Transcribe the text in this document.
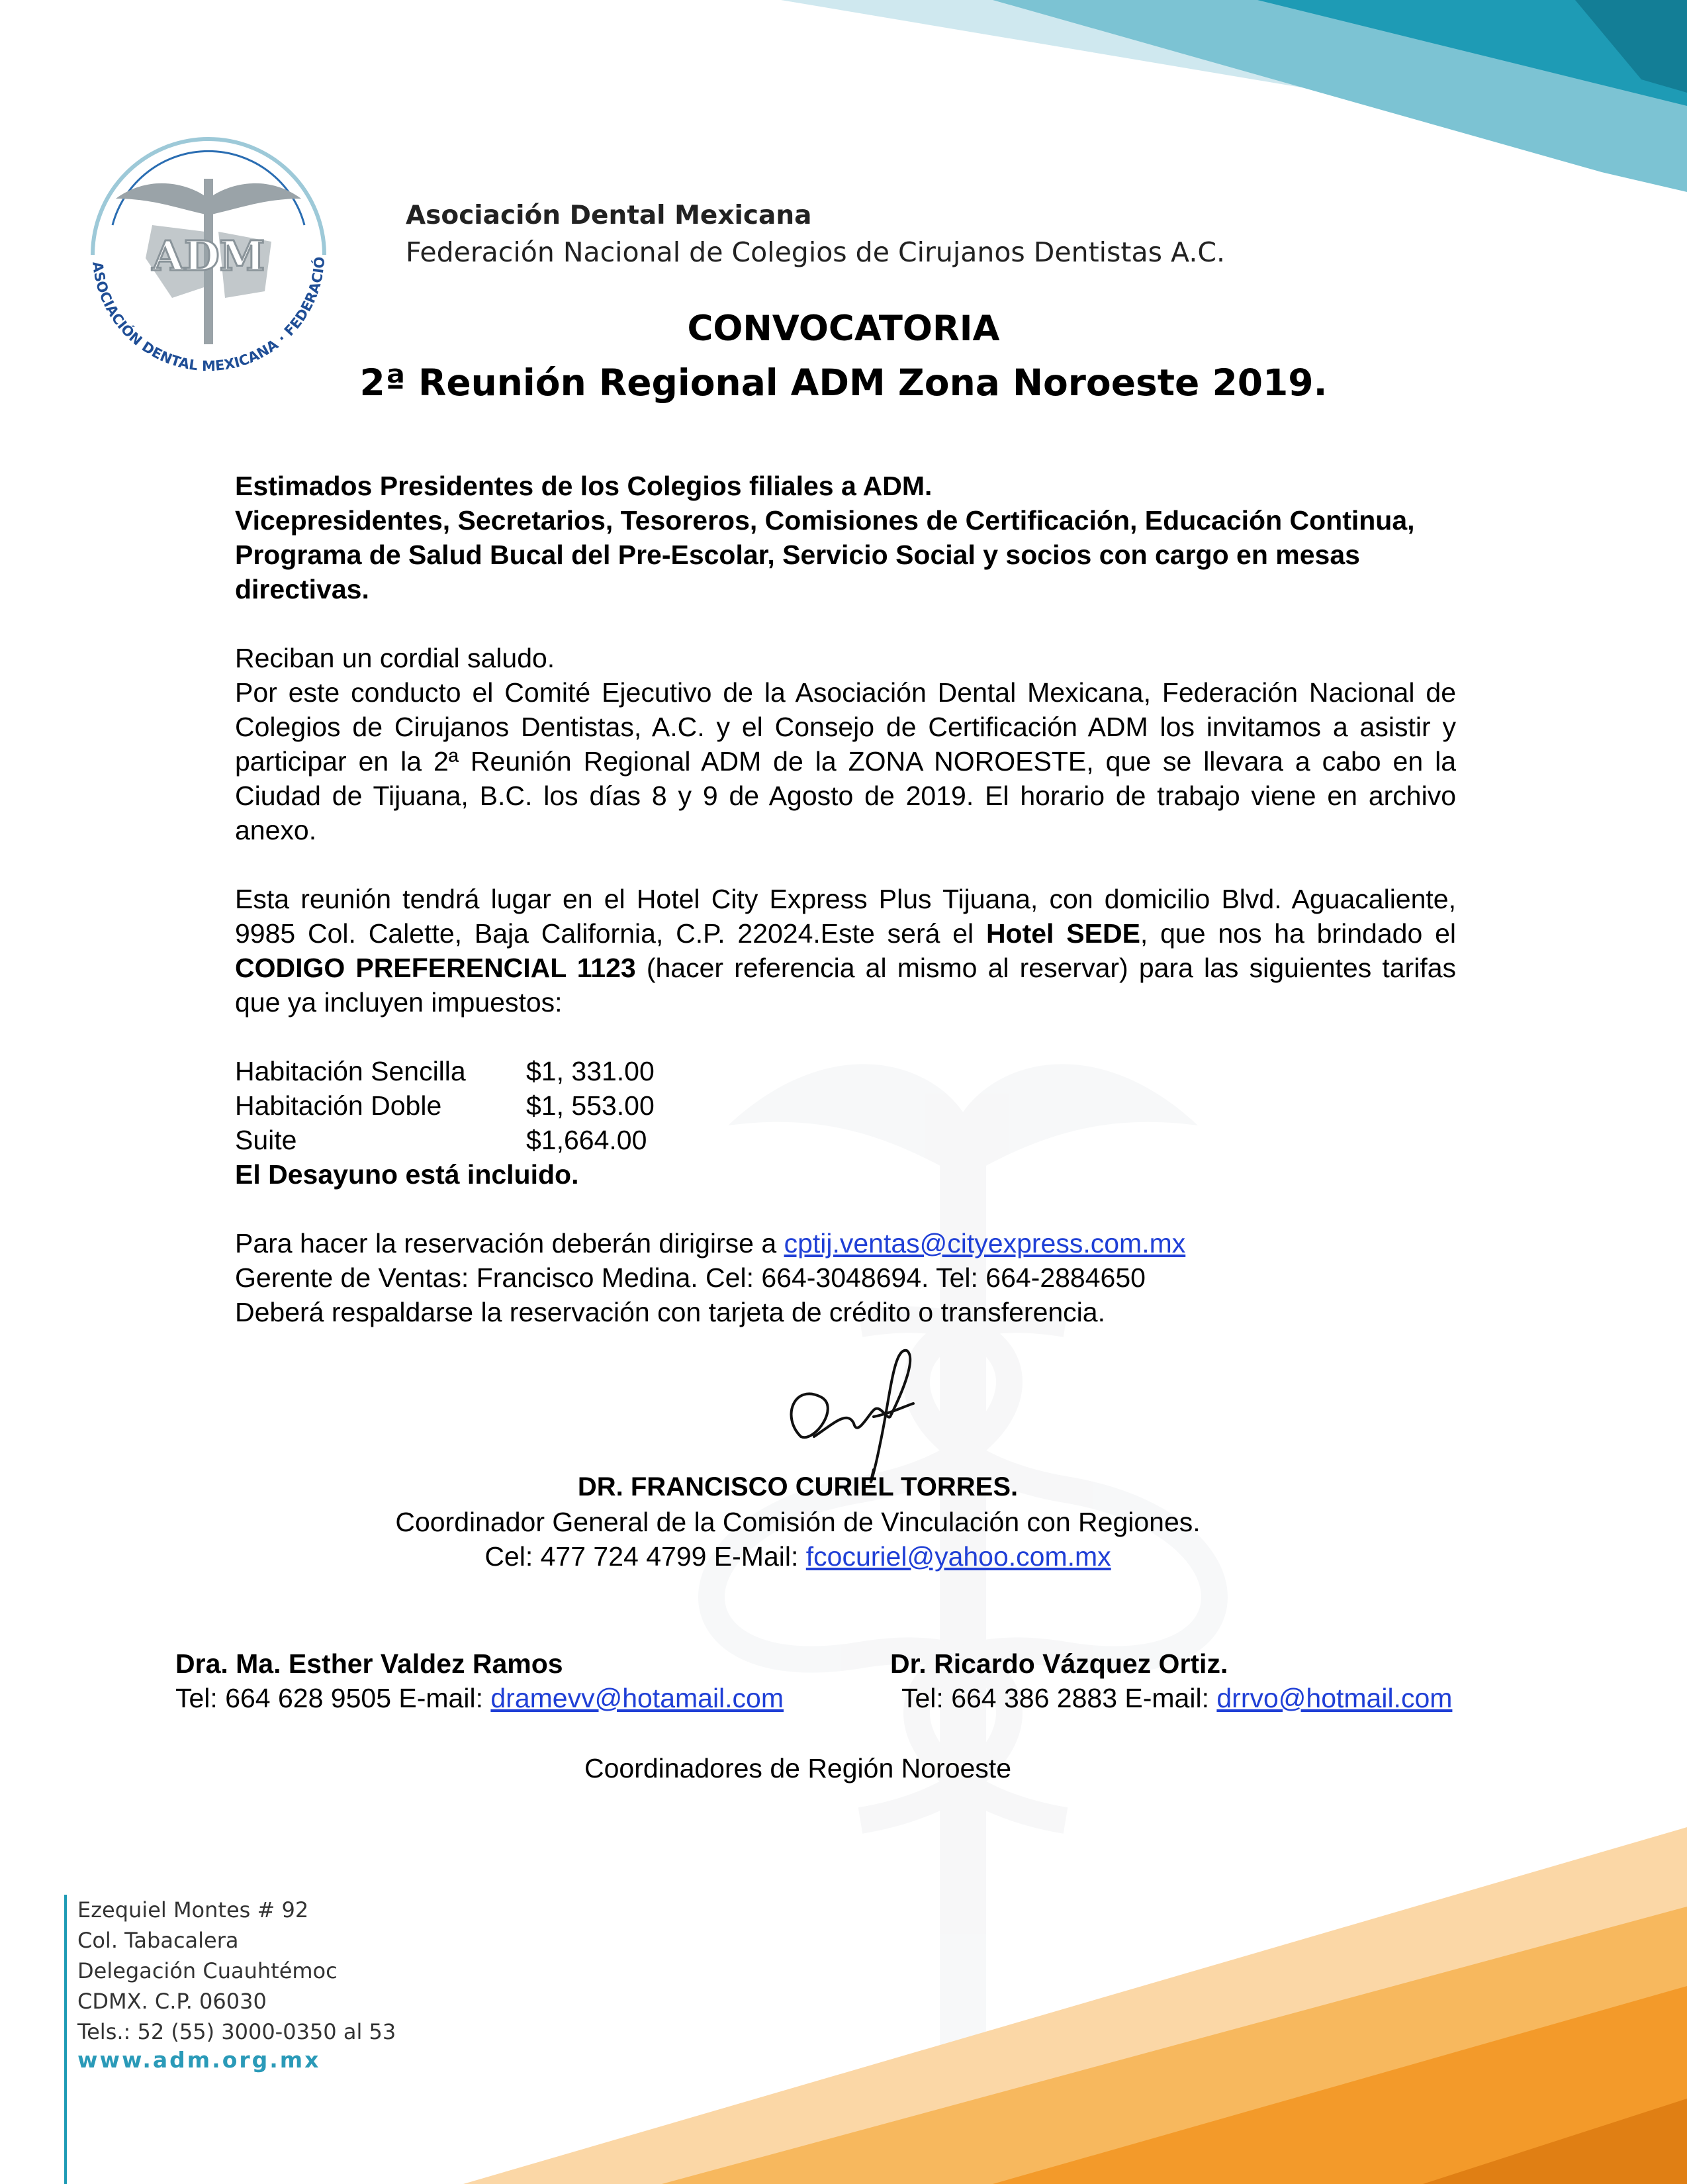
ASOCIACIÓN DENTAL MEXICANA · FEDERACIÓ
ADM
Asociación Dental Mexicana
Federación Nacional de Colegios de Cirujanos Dentistas A.C.
CONVOCATORIA
2ª Reunión Regional ADM Zona Noroeste 2019.
Estimados Presidentes de los Colegios filiales a ADM.
Vicepresidentes, Secretarios, Tesoreros, Comisiones de Certificación, Educación Continua, Programa de Salud Bucal del Pre-Escolar, Servicio Social y socios con cargo en mesas directivas.
Reciban un cordial saludo.
Por este conducto el Comité Ejecutivo de la Asociación Dental Mexicana, Federación Nacional de Colegios de Cirujanos Dentistas, A.C. y el Consejo de Certificación ADM los invitamos a asistir y participar en la 2ª Reunión Regional ADM de la ZONA NOROESTE, que se llevara a cabo en la Ciudad de Tijuana, B.C. los días 8 y 9 de Agosto de 2019. El horario de trabajo viene en archivo anexo.
Esta reunión tendrá lugar en el Hotel City Express Plus Tijuana, con domicilio Blvd. Aguacaliente, 9985 Col. Calette, Baja California, C.P. 22024.Este será el Hotel SEDE, que nos ha brindado el CODIGO PREFERENCIAL 1123 (hacer referencia al mismo al reservar) para las siguientes tarifas que ya incluyen impuestos:
Habitación Sencilla	$1, 331.00
Habitación Doble	$1, 553.00
Suite	$1,664.00
El Desayuno está incluido.
Para hacer la reservación deberán dirigirse a cptij.ventas@cityexpress.com.mx
Gerente de Ventas: Francisco Medina. Cel: 664-3048694. Tel: 664-2884650
Deberá respaldarse la reservación con tarjeta de crédito o transferencia.
DR. FRANCISCO CURIEL TORRES.
Coordinador General de la Comisión de Vinculación con Regiones.
Cel: 477 724 4799 E-Mail: fcocuriel@yahoo.com.mx
Dra. Ma. Esther Valdez Ramos
Tel: 664 628 9505 E-mail: dramevv@hotamail.com
Dr. Ricardo Vázquez Ortiz.
Tel: 664 386 2883 E-mail: drrvo@hotmail.com
Coordinadores de Región Noroeste
Ezequiel Montes # 92
Col. Tabacalera
Delegación Cuauhtémoc
CDMX. C.P. 06030
Tels.: 52 (55) 3000-0350 al 53
www.adm.org.mx
